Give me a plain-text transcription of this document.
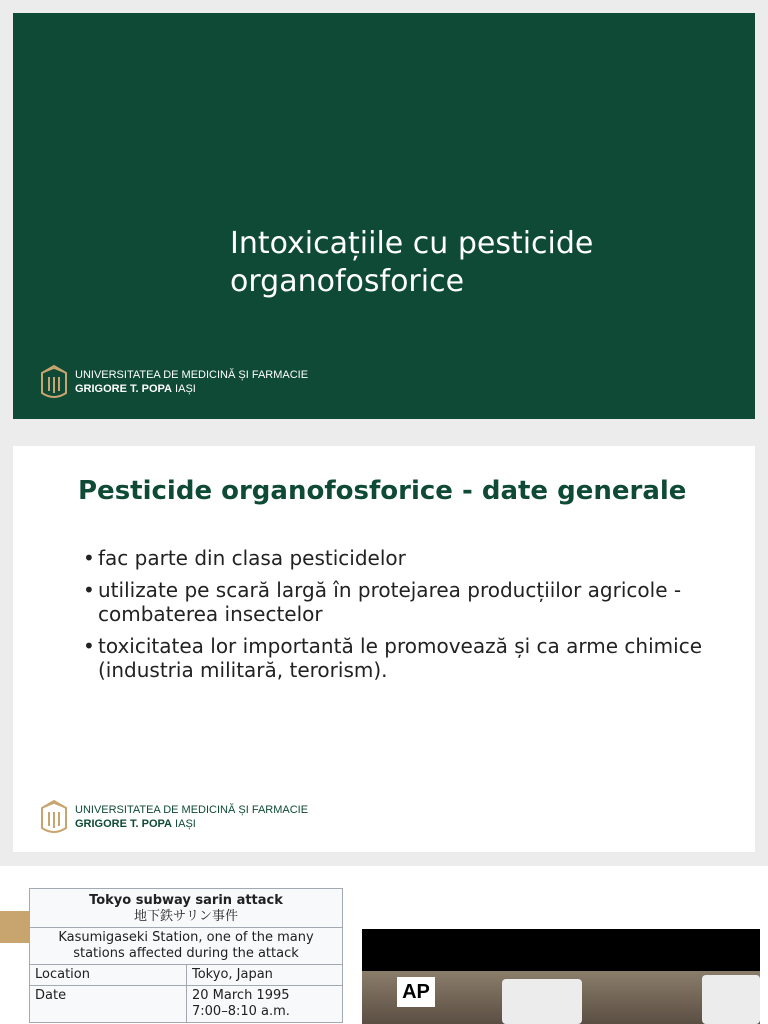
Intoxicațiile cu pesticide
organofosforice
UNIVERSITATEA DE MEDICINĂ ȘI FARMACIE
GRIGORE T. POPA IAȘI
Pesticide organofosforice - date generale
• fac parte din clasa pesticidelor
• utilizate pe scară largă în protejarea producțiilor agricole - combaterea insectelor
• toxicitatea lor importantă le promovează și ca arme chimice (industria militară, terorism).
UNIVERSITATEA DE MEDICINĂ ȘI FARMACIE
GRIGORE T. POPA IAȘI
Tokyo subway sarin attack
地下鉄サリン事件	

Kasumigaseki Station, one of the many stations affected during the attack	
Location	Tokyo, Japan
Date	20 March 1995
7:00–8:10 a.m.
AP
